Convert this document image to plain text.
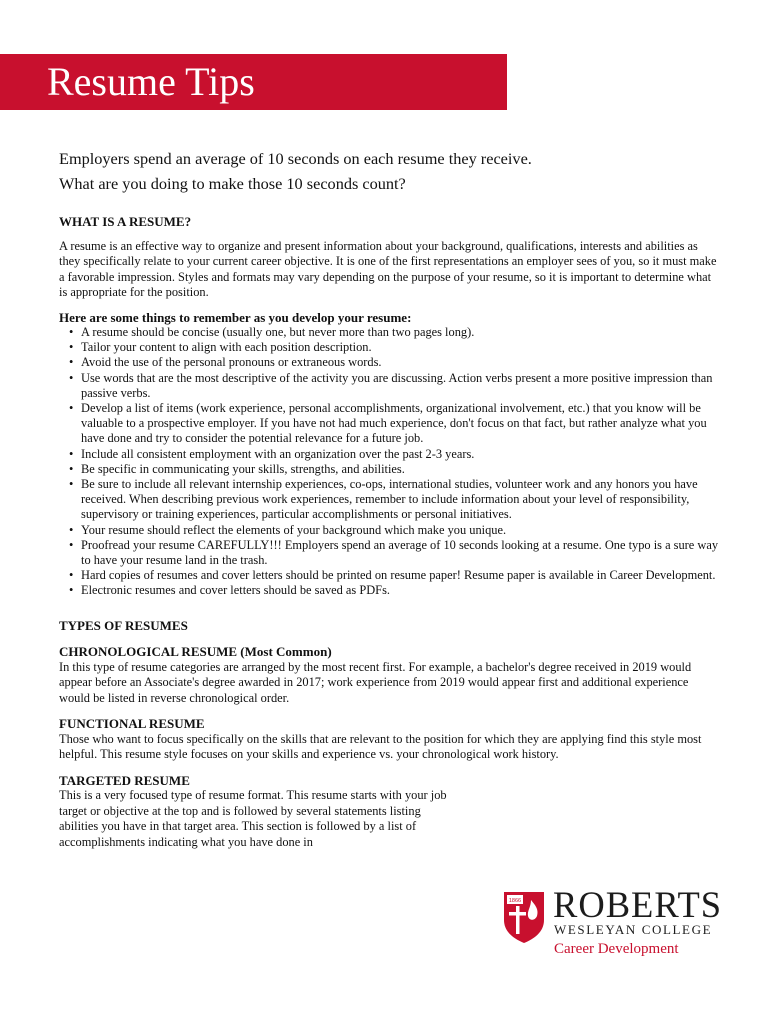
Resume Tips

Employers spend an average of 10 seconds on each resume they receive.

What are you doing to make those 10 seconds count?

WHAT IS A RESUME?

A resume is an effective way to organize and present information about your background, qualifications, interests and abilities as they specifically relate to your current career objective. It is one of the first representations an employer sees of you, so it must make a favorable impression. Styles and formats may vary depending on the purpose of your resume, so it is important to determine what is appropriate for the position.

Here are some things to remember as you develop your resume:

• A resume should be concise (usually one, but never more than two pages long).
• Tailor your content to align with each position description.
• Avoid the use of the personal pronouns or extraneous words.
• Use words that are the most descriptive of the activity you are discussing. Action verbs present a more positive impression than passive verbs.
• Develop a list of items (work experience, personal accomplishments, organizational involvement, etc.) that you know will be valuable to a prospective employer. If you have not had much experience, don't focus on that fact, but rather analyze what you have done and try to consider the potential relevance for a future job.
• Include all consistent employment with an organization over the past 2-3 years.
• Be specific in communicating your skills, strengths, and abilities.
• Be sure to include all relevant internship experiences, co-ops, international studies, volunteer work and any honors you have received. When describing previous work experiences, remember to include information about your level of responsibility, supervisory or training experiences, particular accomplishments or personal initiatives.
• Your resume should reflect the elements of your background which make you unique.
• Proofread your resume CAREFULLY!!! Employers spend an average of 10 seconds looking at a resume. One typo is a sure way to have your resume land in the trash.
• Hard copies of resumes and cover letters should be printed on resume paper! Resume paper is available in Career Development.
• Electronic resumes and cover letters should be saved as PDFs.

TYPES OF RESUMES

CHRONOLOGICAL RESUME (Most Common)

In this type of resume categories are arranged by the most recent first. For example, a bachelor's degree received in 2019 would appear before an Associate's degree awarded in 2017; work experience from 2019 would appear first and additional experience would be listed in reverse chronological order.

FUNCTIONAL RESUME

Those who want to focus specifically on the skills that are relevant to the position for which they are applying find this style most helpful. This resume style focuses on your skills and experience vs. your chronological work history.

TARGETED RESUME

This is a very focused type of resume format. This resume starts with your job target or objective at the top and is followed by several statements listing abilities you have in that target area. This section is followed by a list of accomplishments indicating what you have done in

1866 ROBERTS
WESLEYAN COLLEGE
Career Development
